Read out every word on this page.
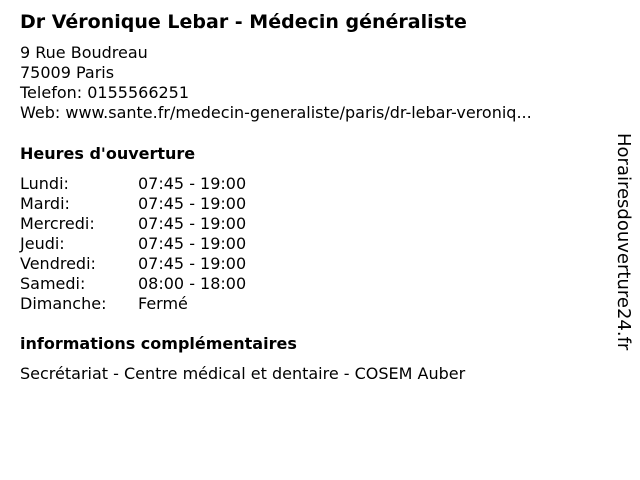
Dr Véronique Lebar - Médecin généraliste
9 Rue Boudreau
75009 Paris
Telefon: 0155566251
Web: www.sante.fr/medecin-generaliste/paris/dr-lebar-veroniq...
Heures d'ouverture
Lundi:	07:45 - 19:00
Mardi:	07:45 - 19:00
Mercredi:	07:45 - 19:00
Jeudi:	07:45 - 19:00
Vendredi:	07:45 - 19:00
Samedi:	08:00 - 18:00
Dimanche: Fermé
informations complémentaires
Secrétariat - Centre médical et dentaire - COSEM Auber
Horairesdouverture24.fr
